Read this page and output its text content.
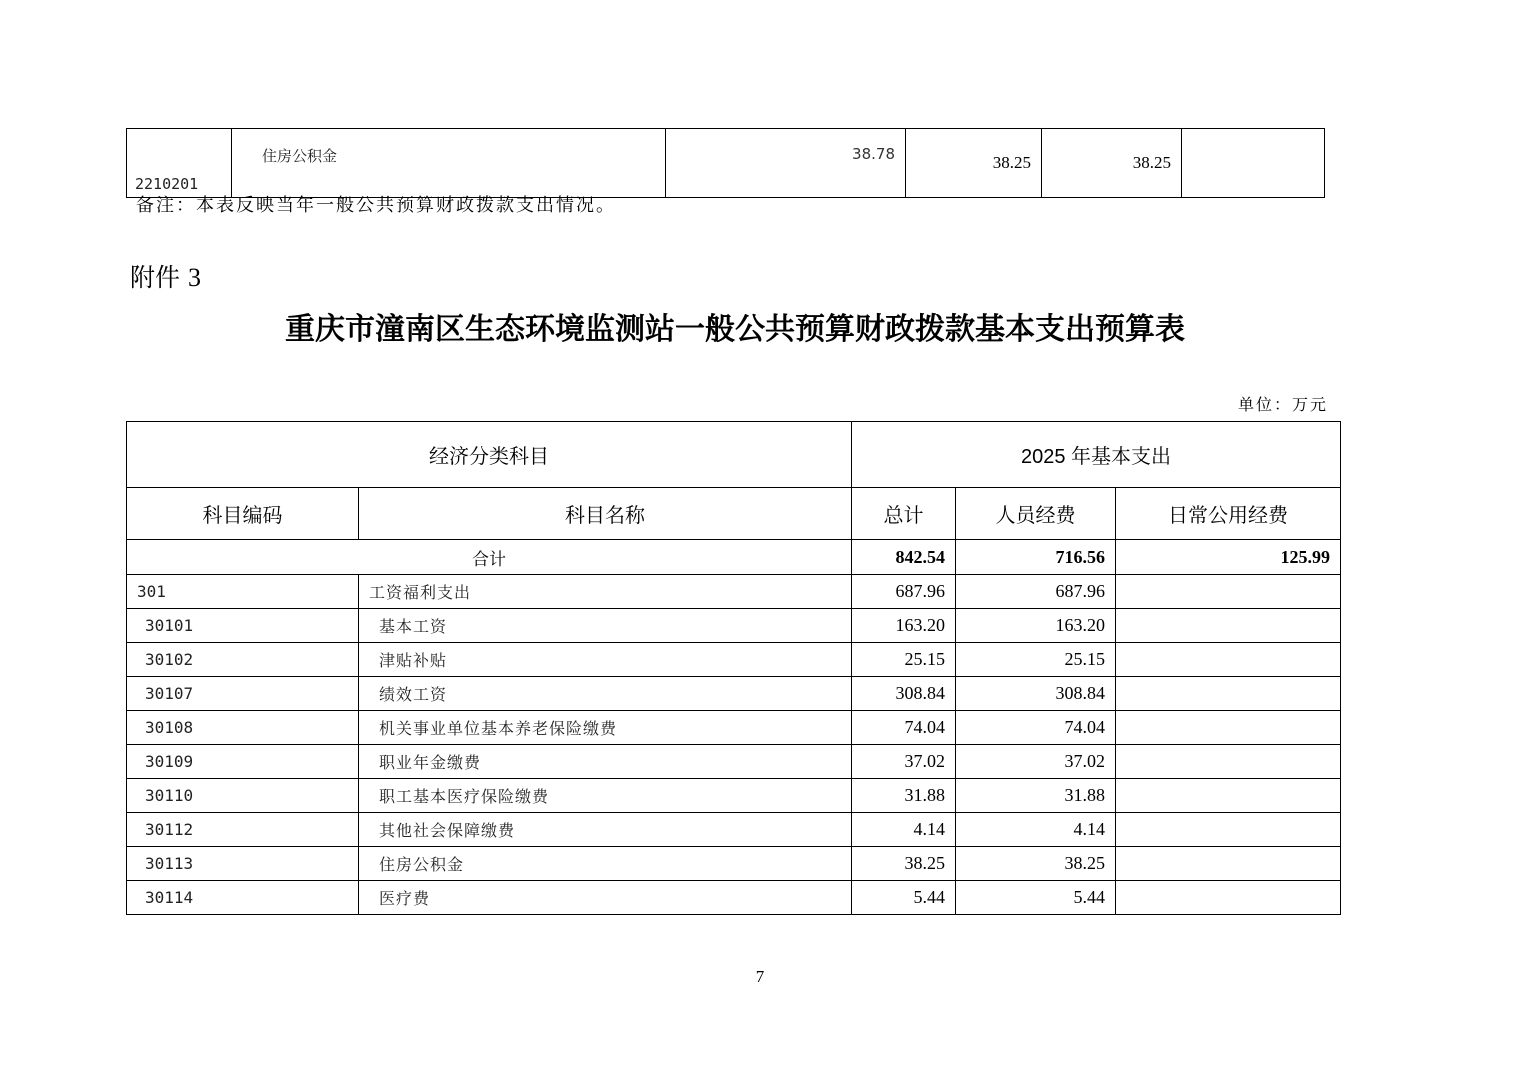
2210201	住房公积金	38.78	38.25	38.25	
备注：本表反映当年一般公共预算财政拨款支出情况。
附件 3
重庆市潼南区生态环境监测站一般公共预算财政拨款基本支出预算表
单位：万元
经济分类科目		2025 年基本支出		
科目编码	科目名称	总计	人员经费	日常公用经费
合计		842.54	716.56	125.99
301	工资福利支出	687.96	687.96	
30101	基本工资	163.20	163.20	
30102	津贴补贴	25.15	25.15	
30107	绩效工资	308.84	308.84	
30108	机关事业单位基本养老保险缴费	74.04	74.04	
30109	职业年金缴费	37.02	37.02	
30110	职工基本医疗保险缴费	31.88	31.88	
30112	其他社会保障缴费	4.14	4.14	
30113	住房公积金	38.25	38.25	
30114	医疗费	5.44	5.44	
7
